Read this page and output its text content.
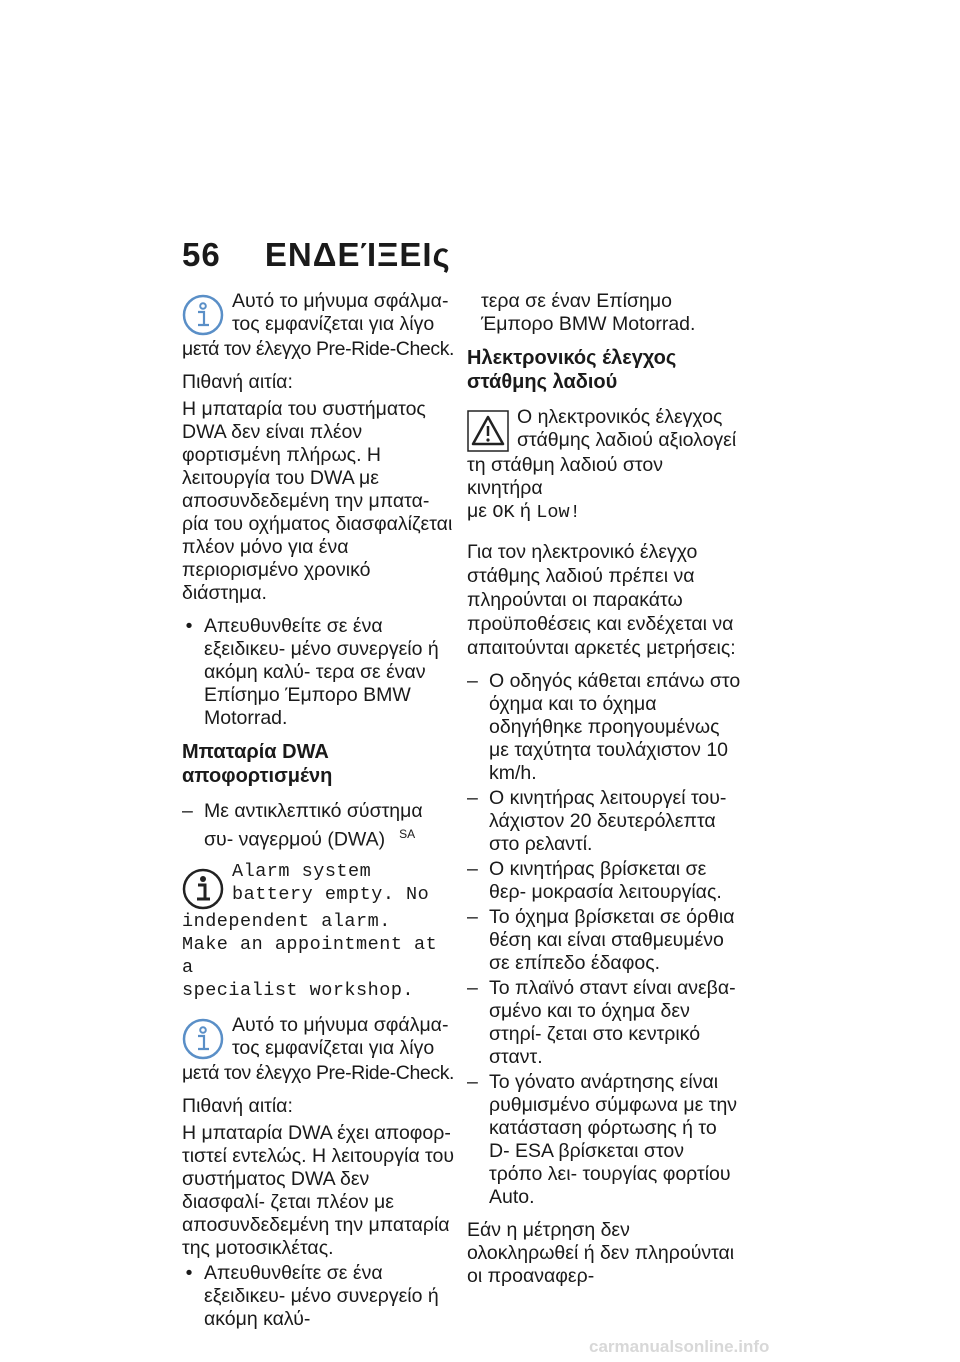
56 ΕΝΔΕΊΞΕΙς
Αυτό το μήνυμα σφάλμα-
τος εμφανίζεται για λίγο
μετά τον έλεγχο Pre-Ride-Check.

Πιθανή αιτία:

Η μπαταρία του συστήματος DWA δεν είναι πλέον φορτισμένη πλήρως. Η λειτουργία του DWA με αποσυνδεδεμένη την μπατα- ρία του οχήματος διασφαλίζεται πλέον μόνο για ένα περιορισμένο χρονικό διάστημα.

• Απευθυνθείτε σε ένα εξειδικευ- μένο συνεργείο ή ακόμη καλύ- τερα σε έναν Επίσημο Έμπορο BMW Motorrad.
Μπαταρία DWA αποφορτισμένη
– Με αντικλεπτικό σύστημα συ- ναγερμού (DWA) $^{SA}$
Alarm system
battery empty. No
independent alarm.
Make an appointment at a
specialist workshop.
Αυτό το μήνυμα σφάλμα-
τος εμφανίζεται για λίγο
μετά τον έλεγχο Pre-Ride-Check.

Πιθανή αιτία:

Η μπαταρία DWA έχει αποφορ- τιστεί εντελώς. Η λειτουργία του συστήματος DWA δεν διασφαλί- ζεται πλέον με αποσυνδεδεμένη την μπαταρία της μοτοσικλέτας.

• Απευθυνθείτε σε ένα εξειδικευ- μένο συνεργείο ή ακόμη καλύ-

τερα σε έναν Επίσημο Έμπορο BMW Motorrad.

Ηλεκτρονικός έλεγχος στάθμης λαδιού
Ο ηλεκτρονικός έλεγχος
στάθμης λαδιού αξιολογεί
τη στάθμη λαδιού στον κινητήρα
με OK ή Low!

Για τον ηλεκτρονικό έλεγχο στάθμης λαδιού πρέπει να πληρούνται οι παρακάτω προϋποθέσεις και ενδέχεται να απαιτούνται αρκετές μετρήσεις:

– Ο οδηγός κάθεται επάνω στο όχημα και το όχημα οδηγήθηκε προηγουμένως με ταχύτητα τουλάχιστον 10 km/h.
– Ο κινητήρας λειτουργεί του- λάχιστον 20 δευτερόλεπτα στο ρελαντί.
– Ο κινητήρας βρίσκεται σε θερ- μοκρασία λειτουργίας.
– Το όχημα βρίσκεται σε όρθια θέση και είναι σταθμευμένο σε επίπεδο έδαφος.
– Το πλαϊνό σταντ είναι ανεβα- σμένο και το όχημα δεν στηρί- ζεται στο κεντρικό σταντ.
– Το γόνατο ανάρτησης είναι ρυθμισμένο σύμφωνα με την κατάσταση φόρτωσης ή το D- ESA βρίσκεται στον τρόπο λει- τουργίας φορτίου Auto.

Εάν η μέτρηση δεν ολοκληρωθεί ή δεν πληρούνται οι προαναφερ-

carmanualsonline.info
